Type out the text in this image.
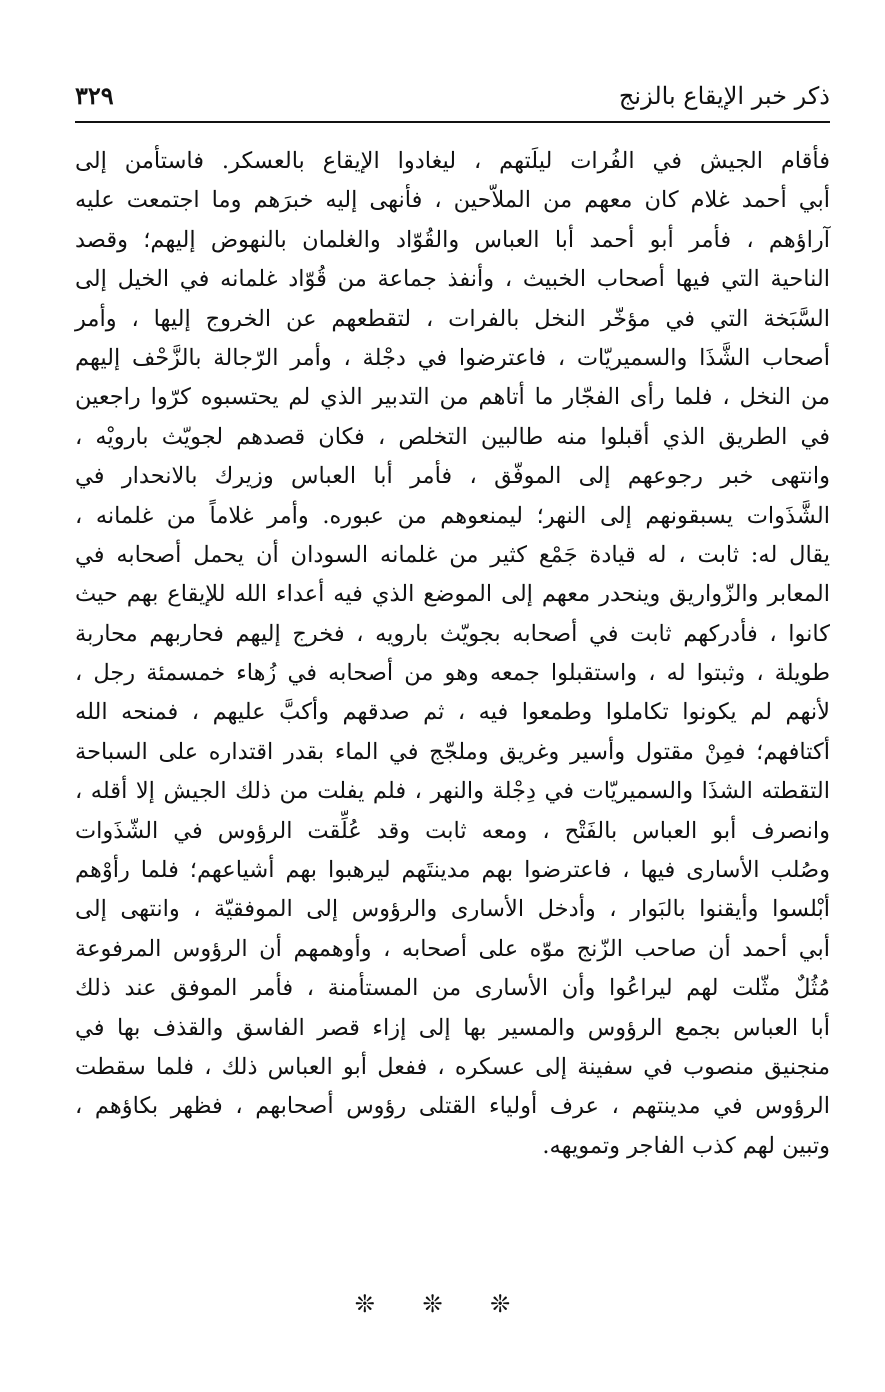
ذكر خبر الإيقاع بالزنج
٣٢٩
فأقام الجيش في الفُرات ليلَتهم ، ليغادوا الإيقاع بالعسكر. فاستأمن إلى
أبي أحمد غلام كان معهم من الملاّحين ، فأنهى إليه خبرَهم وما اجتمعت عليه
آراؤهم ، فأمر أبو أحمد أبا العباس والقُوّاد والغلمان بالنهوض إليهم؛ وقصد
الناحية التي فيها أصحاب الخبيث ، وأنفذ جماعة من قُوّاد غلمانه في الخيل إلى
السَّبَخة التي في مؤخّر النخل بالفرات ، لتقطعهم عن الخروج إليها ، وأمر
أصحاب الشَّذَا والسميريّات ، فاعترضوا في دجْلة ، وأمر الرّجالة بالزَّحْف إليهم
من النخل ، فلما رأى الفجّار ما أتاهم من التدبير الذي لم يحتسبوه كرّوا راجعين
في الطريق الذي أقبلوا منه طالبين التخلص ، فكان قصدهم لجويّث بارويْه ،
وانتهى خبر رجوعهم إلى الموفّق ، فأمر أبا العباس وزيرك بالانحدار في
الشَّذَوات يسبقونهم إلى النهر؛ ليمنعوهم من عبوره. وأمر غلاماً من غلمانه ،
يقال له: ثابت ، له قيادة جَمْع كثير من غلمانه السودان أن يحمل أصحابه في
المعابر والزّواريق وينحدر معهم إلى الموضع الذي فيه أعداء الله للإيقاع بهم حيث
كانوا ، فأدركهم ثابت في أصحابه بجويّث بارويه ، فخرج إليهم فحاربهم محاربة
طويلة ، وثبتوا له ، واستقبلوا جمعه وهو من أصحابه في زُهاء خمسمئة رجل ،
لأنهم لم يكونوا تكاملوا وطمعوا فيه ، ثم صدقهم وأكبَّ عليهم ، فمنحه الله
أكتافهم؛ فمِنْ مقتول وأسير وغريق وملجّج في الماء بقدر اقتداره على السباحة
التقطته الشذَا والسميريّات في دِجْلة والنهر ، فلم يفلت من ذلك الجيش إلا أقله ،
وانصرف أبو العباس بالفَتْح ، ومعه ثابت وقد عُلِّقت الرؤوس في الشّذَوات
وصُلب الأسارى فيها ، فاعترضوا بهم مدينتَهم ليرهبوا بهم أشياعهم؛ فلما رأوْهم
أبْلسوا وأيقنوا بالبَوار ، وأدخل الأسارى والرؤوس إلى الموفقيّة ، وانتهى إلى
أبي أحمد أن صاحب الزّنج موّه على أصحابه ، وأوهمهم أن الرؤوس المرفوعة
مُثُلٌ مثّلت لهم ليراعُوا وأن الأسارى من المستأمنة ، فأمر الموفق عند ذلك
أبا العباس بجمع الرؤوس والمسير بها إلى إزاء قصر الفاسق والقذف بها في
منجنيق منصوب في سفينة إلى عسكره ، ففعل أبو العباس ذلك ، فلما سقطت
الرؤوس في مدينتهم ، عرف أولياء القتلى رؤوس أصحابهم ، فظهر بكاؤهم ،
وتبين لهم كذب الفاجر وتمويهه.
❊ ❊ ❊
